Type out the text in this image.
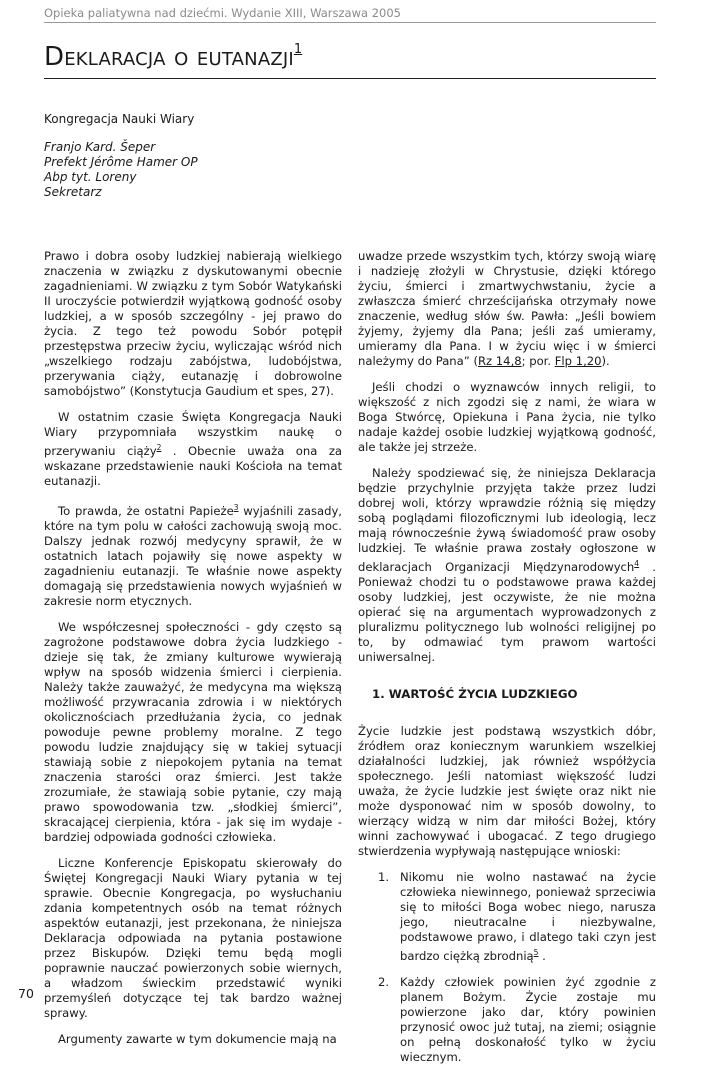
Opieka paliatywna nad dziećmi. Wydanie XIII, Warszawa 2005
Deklaracja o eutanazji$^1$
Kongregacja Nauki Wiary
Franjo Kard. Šeper
Prefekt Jérôme Hamer OP
Abp tyt. Loreny
Sekretarz

Prawo i dobra osoby ludzkiej nabierają wielkiego znaczenia w związku z dyskutowanymi obecnie zagadnieniami. W związku z tym Sobór Watykański II uroczyście potwierdził wyjątkową godność osoby ludzkiej, a w sposób szczególny - jej prawo do życia. Z tego też powodu Sobór potępił przestępstwa przeciw życiu, wyliczając wśród nich „wszelkiego rodzaju zabójstwa, ludobójstwa, przerywania ciąży, eutanazję i dobrowolne samobójstwo” (Konstytucja Gaudium et spes, 27).

W ostatnim czasie Święta Kongregacja Nauki Wiary przypomniała wszystkim naukę o przerywaniu ciąży$^2$ . Obecnie uważa ona za wskazane przedstawienie nauki Kościoła na temat eutanazji.

To prawda, że ostatni Papieże$^3$ wyjaśnili zasady, które na tym polu w całości zachowują swoją moc. Dalszy jednak rozwój medycyny sprawił, że w ostatnich latach pojawiły się nowe aspekty w zagadnieniu eutanazji. Te właśnie nowe aspekty domagają się przedstawienia nowych wyjaśnień w zakresie norm etycznych.

We współczesnej społeczności - gdy często są zagrożone podstawowe dobra życia ludzkiego - dzieje się tak, że zmiany kulturowe wywierają wpływ na sposób widzenia śmierci i cierpienia. Należy także zauważyć, że medycyna ma większą możliwość przywracania zdrowia i w niektórych okolicznościach przedłużania życia, co jednak powoduje pewne problemy moralne. Z tego powodu ludzie znajdujący się w takiej sytuacji stawiają sobie z niepokojem pytania na temat znaczenia starości oraz śmierci. Jest także zrozumiałe, że stawiają sobie pytanie, czy mają prawo spowodowania tzw. „słodkiej śmierci”, skracającej cierpienia, która - jak się im wydaje - bardziej odpowiada godności człowieka.

Liczne Konferencje Episkopatu skierowały do Świętej Kongregacji Nauki Wiary pytania w tej sprawie. Obecnie Kongregacja, po wysłuchaniu zdania kompetentnych osób na temat różnych aspektów eutanazji, jest przekonana, że niniejsza Deklaracja odpowiada na pytania postawione przez Biskupów. Dzięki temu będą mogli poprawnie nauczać powierzonych sobie wiernych, a władzom świeckim przedstawić wyniki przemyśleń dotyczące tej tak bardzo ważnej sprawy.

Argumenty zawarte w tym dokumencie mają na

uwadze przede wszystkim tych, którzy swoją wiarę i nadzieję złożyli w Chrystusie, dzięki którego życiu, śmierci i zmartwychwstaniu, życie a zwłaszcza śmierć chrześcijańska otrzymały nowe znaczenie, według słów św. Pawła: „Jeśli bowiem żyjemy, żyjemy dla Pana; jeśli zaś umieramy, umieramy dla Pana. I w życiu więc i w śmierci należymy do Pana” (Rz 14,8; por. Flp 1,20).

Jeśli chodzi o wyznawców innych religii, to większość z nich zgodzi się z nami, że wiara w Boga Stwórcę, Opiekuna i Pana życia, nie tylko nadaje każdej osobie ludzkiej wyjątkową godność, ale także jej strzeże.

Należy spodziewać się, że niniejsza Deklaracja będzie przychylnie przyjęta także przez ludzi dobrej woli, którzy wprawdzie różnią się między sobą poglądami filozoficznymi lub ideologią, lecz mają równocześnie żywą świadomość praw osoby ludzkiej. Te właśnie prawa zostały ogłoszone w deklaracjach Organizacji Międzynarodowych$^4$ . Ponieważ chodzi tu o podstawowe prawa każdej osoby ludzkiej, jest oczywiste, że nie można opierać się na argumentach wyprowadzonych z pluralizmu politycznego lub wolności religijnej po to, by odmawiać tym prawom wartości uniwersalnej.

1. WARTOŚĆ ŻYCIA LUDZKIEGO

Życie ludzkie jest podstawą wszystkich dóbr, źródłem oraz koniecznym warunkiem wszelkiej działalności ludzkiej, jak również współżycia społecznego. Jeśli natomiast większość ludzi uważa, że życie ludzkie jest święte oraz nikt nie może dysponować nim w sposób dowolny, to wierzący widzą w nim dar miłości Bożej, który winni zachowywać i ubogacać. Z tego drugiego stwierdzenia wypływają następujące wnioski:

1. Nikomu nie wolno nastawać na życie człowieka niewinnego, ponieważ sprzeciwia się to miłości Boga wobec niego, narusza jego, nieutracalne i niezbywalne, podstawowe prawo, i dlatego taki czyn jest bardzo ciężką zbrodnią$^5$ .
2. Każdy człowiek powinien żyć zgodnie z planem Bożym. Życie zostaje mu powierzone jako dar, który powinien przynosić owoc już tutaj, na ziemi; osiągnie on pełną doskonałość tylko w życiu wiecznym.
70
